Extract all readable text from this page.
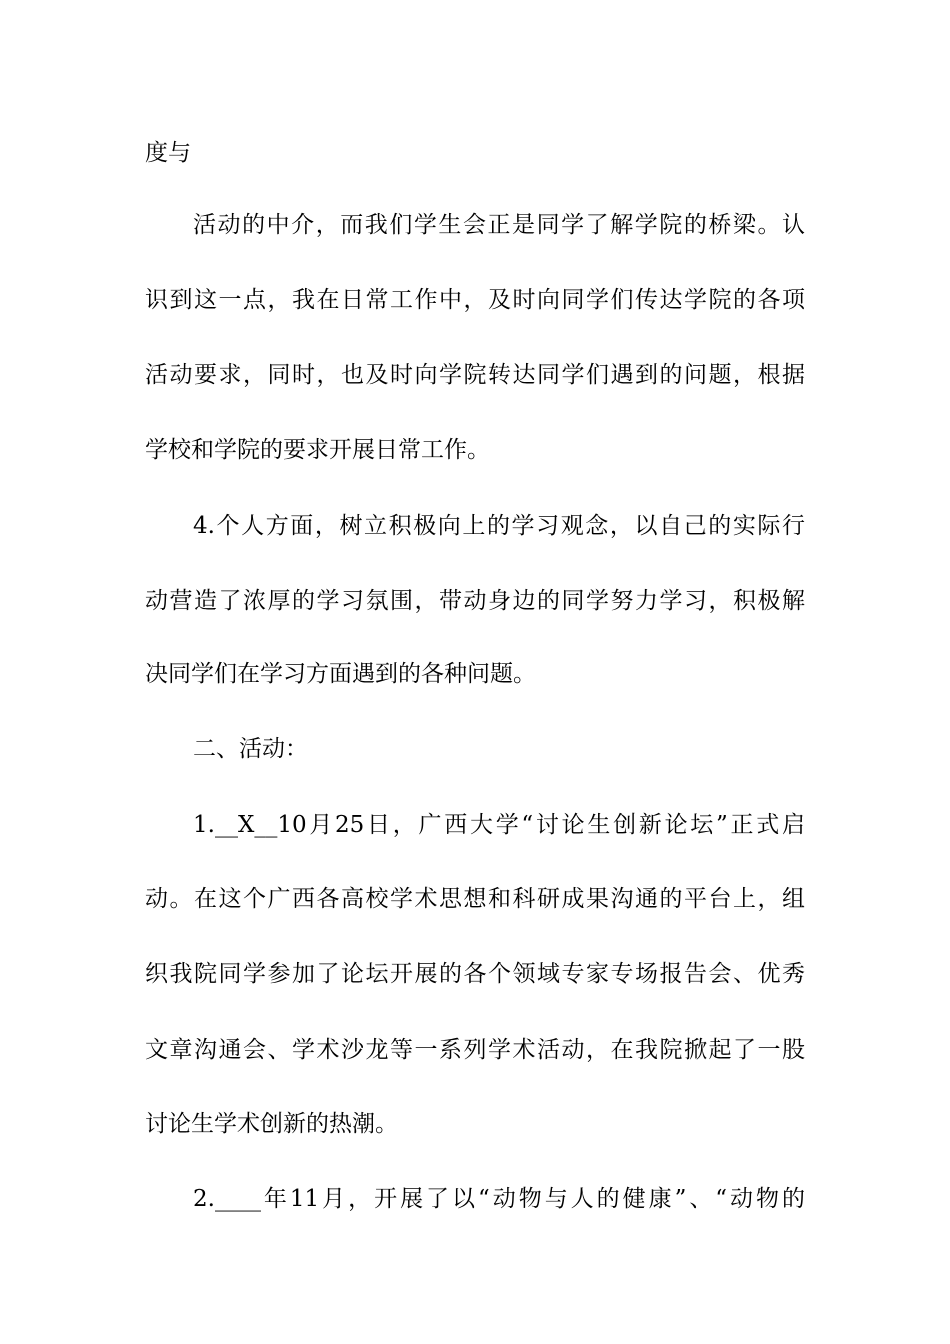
度与
活动的中介，而我们学生会正是同学了解学院的桥梁。认
识到这一点，我在日常工作中，及时向同学们传达学院的各项
活动要求，同时，也及时向学院转达同学们遇到的问题，根据
学校和学院的要求开展日常工作。
4.个人方面，树立积极向上的学习观念，以自己的实际行
动营造了浓厚的学习氛围，带动身边的同学努力学习，积极解
决同学们在学习方面遇到的各种问题。
二、活动：
1.__X__10月25日，广西大学“讨论生创新论坛”正式启
动。在这个广西各高校学术思想和科研成果沟通的平台上，组
织我院同学参加了论坛开展的各个领域专家专场报告会、优秀
文章沟通会、学术沙龙等一系列学术活动，在我院掀起了一股
讨论生学术创新的热潮。
2.____年11月，开展了以“动物与人的健康”、“动物的
